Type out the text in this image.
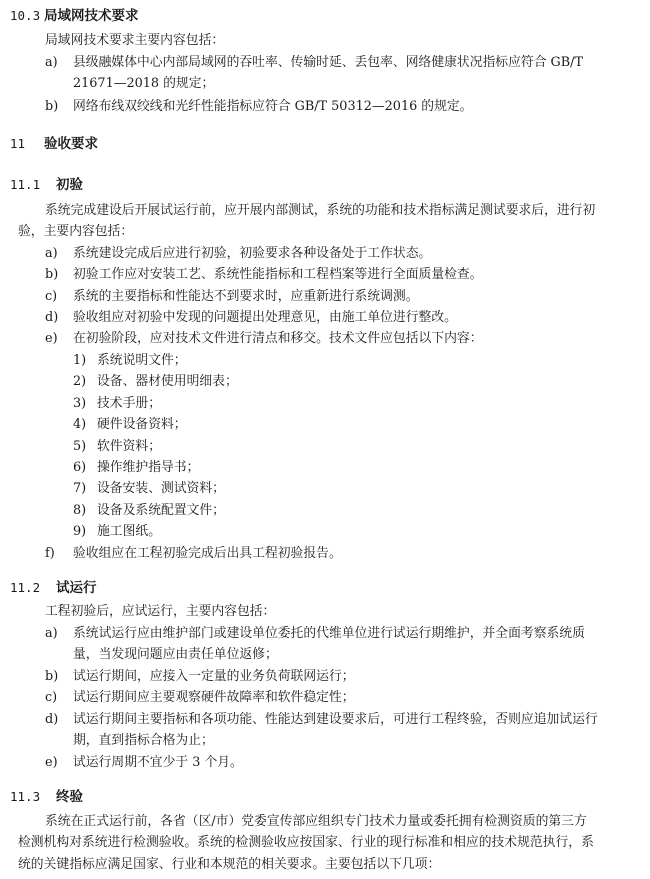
10.3 局域网技术要求
局域网技术要求主要内容包括：
a) 县级融媒体中心内部局域网的吞吐率、传输时延、丢包率、网络健康状况指标应符合 GB/T
21671—2018 的规定；
b) 网络布线双绞线和光纤性能指标应符合 GB/T 50312—2016 的规定。
11 验收要求
11.1 初验
系统完成建设后开展试运行前，应开展内部测试，系统的功能和技术指标满足测试要求后，进行初
验，主要内容包括：
a) 系统建设完成后应进行初验，初验要求各种设备处于工作状态。
b) 初验工作应对安装工艺、系统性能指标和工程档案等进行全面质量检查。
c) 系统的主要指标和性能达不到要求时，应重新进行系统调测。
d) 验收组应对初验中发现的问题提出处理意见，由施工单位进行整改。
e) 在初验阶段，应对技术文件进行清点和移交。技术文件应包括以下内容：
1) 系统说明文件；
2) 设备、器材使用明细表；
3) 技术手册；
4) 硬件设备资料；
5) 软件资料；
6) 操作维护指导书；
7) 设备安装、测试资料；
8) 设备及系统配置文件；
9) 施工图纸。
f) 验收组应在工程初验完成后出具工程初验报告。
11.2 试运行
工程初验后，应试运行，主要内容包括：
a) 系统试运行应由维护部门或建设单位委托的代维单位进行试运行期维护，并全面考察系统质
量，当发现问题应由责任单位返修；
b) 试运行期间，应接入一定量的业务负荷联网运行；
c) 试运行期间应主要观察硬件故障率和软件稳定性；
d) 试运行期间主要指标和各项功能、性能达到建设要求后，可进行工程终验，否则应追加试运行
期，直到指标合格为止；
e) 试运行周期不宜少于 3 个月。
11.3 终验
系统在正式运行前，各省（区/市）党委宣传部应组织专门技术力量或委托拥有检测资质的第三方
检测机构对系统进行检测验收。系统的检测验收应按国家、行业的现行标准和相应的技术规范执行，系
统的关键指标应满足国家、行业和本规范的相关要求。主要包括以下几项：
